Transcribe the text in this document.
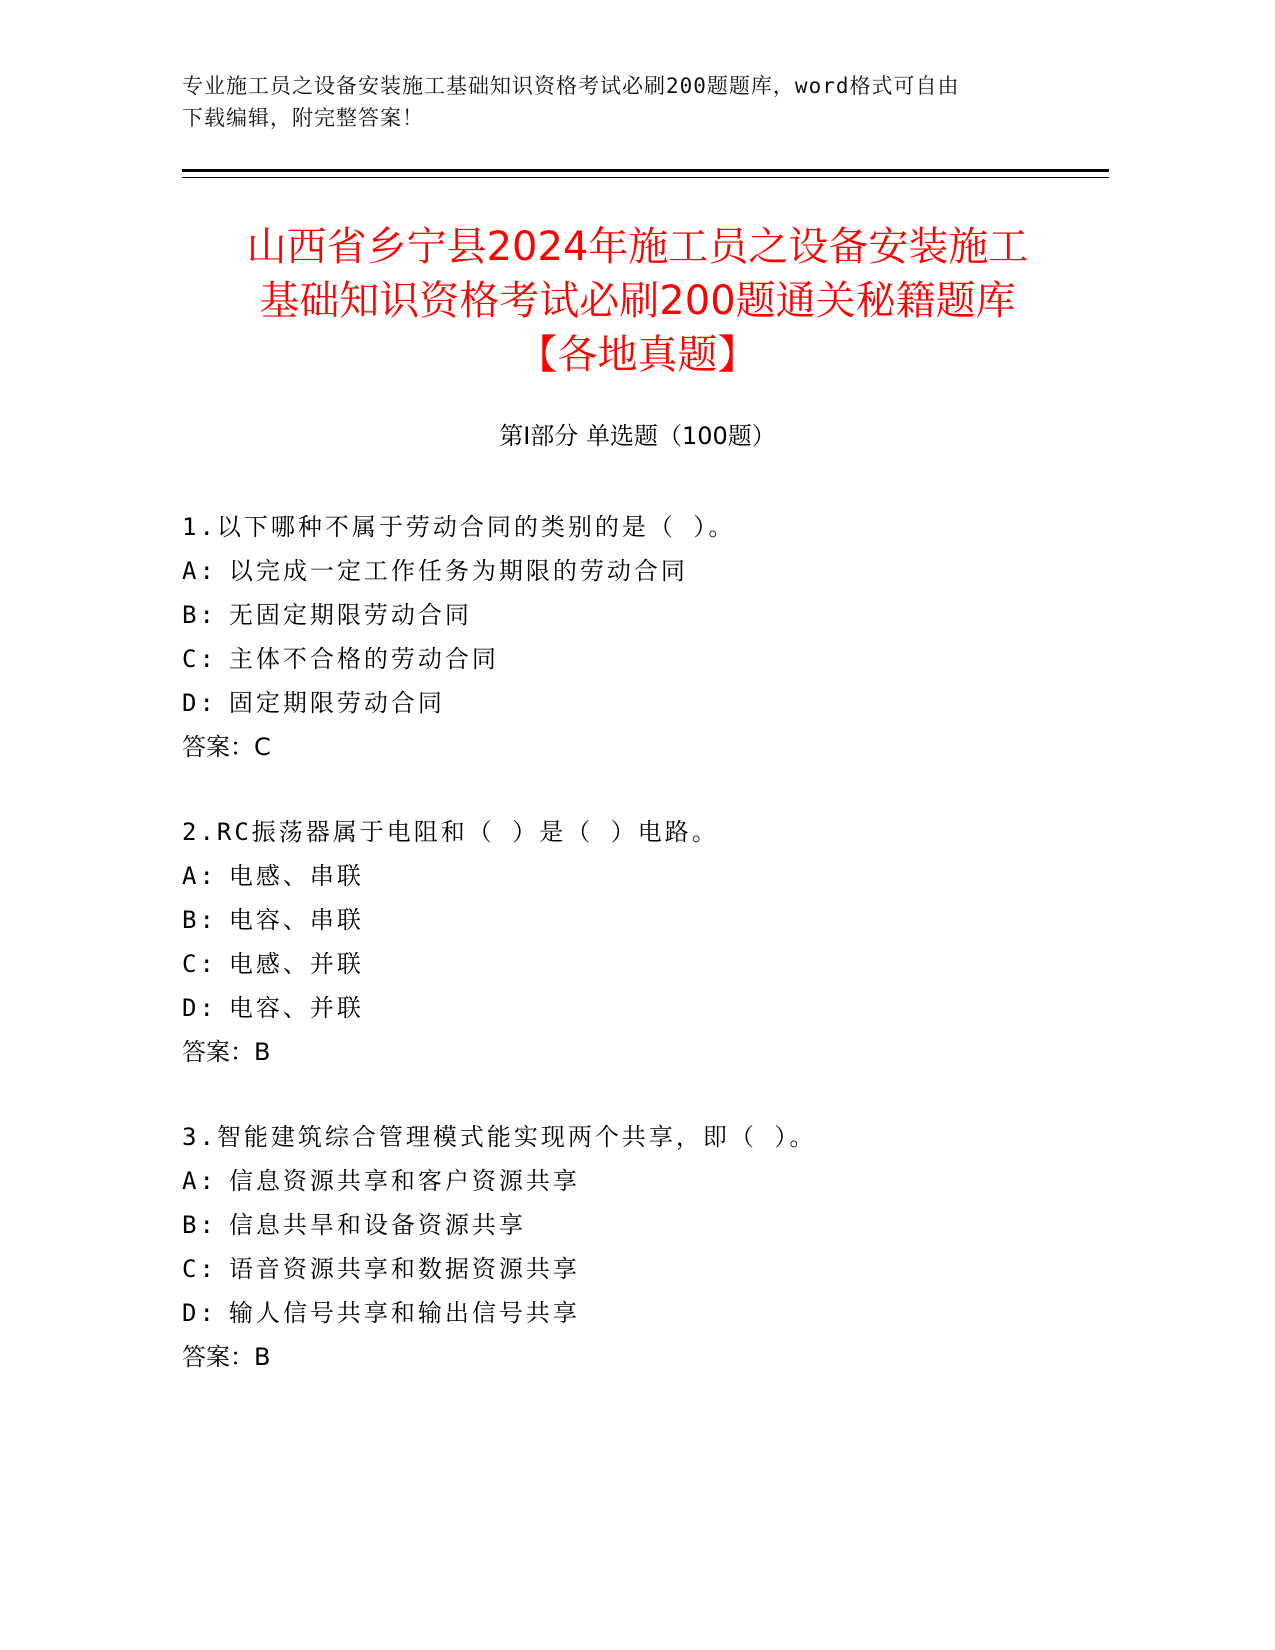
专业施工员之设备安装施工基础知识资格考试必刷200题题库，word格式可自由
下载编辑，附完整答案！
山西省乡宁县2024年施工员之设备安装施工
基础知识资格考试必刷200题通关秘籍题库
【各地真题】
第Ⅰ部分 单选题（100题）
1.以下哪种不属于劳动合同的类别的是（ ）。
A: 以完成一定工作任务为期限的劳动合同
B: 无固定期限劳动合同
C: 主体不合格的劳动合同
D: 固定期限劳动合同
答案：C
2.RC振荡器属于电阻和（ ）是（ ）电路。
A: 电感、串联
B: 电容、串联
C: 电感、并联
D: 电容、并联
答案：B
3.智能建筑综合管理模式能实现两个共享，即（ ）。
A: 信息资源共享和客户资源共享
B: 信息共旱和设备资源共享
C: 语音资源共享和数据资源共享
D: 输人信号共享和输出信号共享
答案：B
